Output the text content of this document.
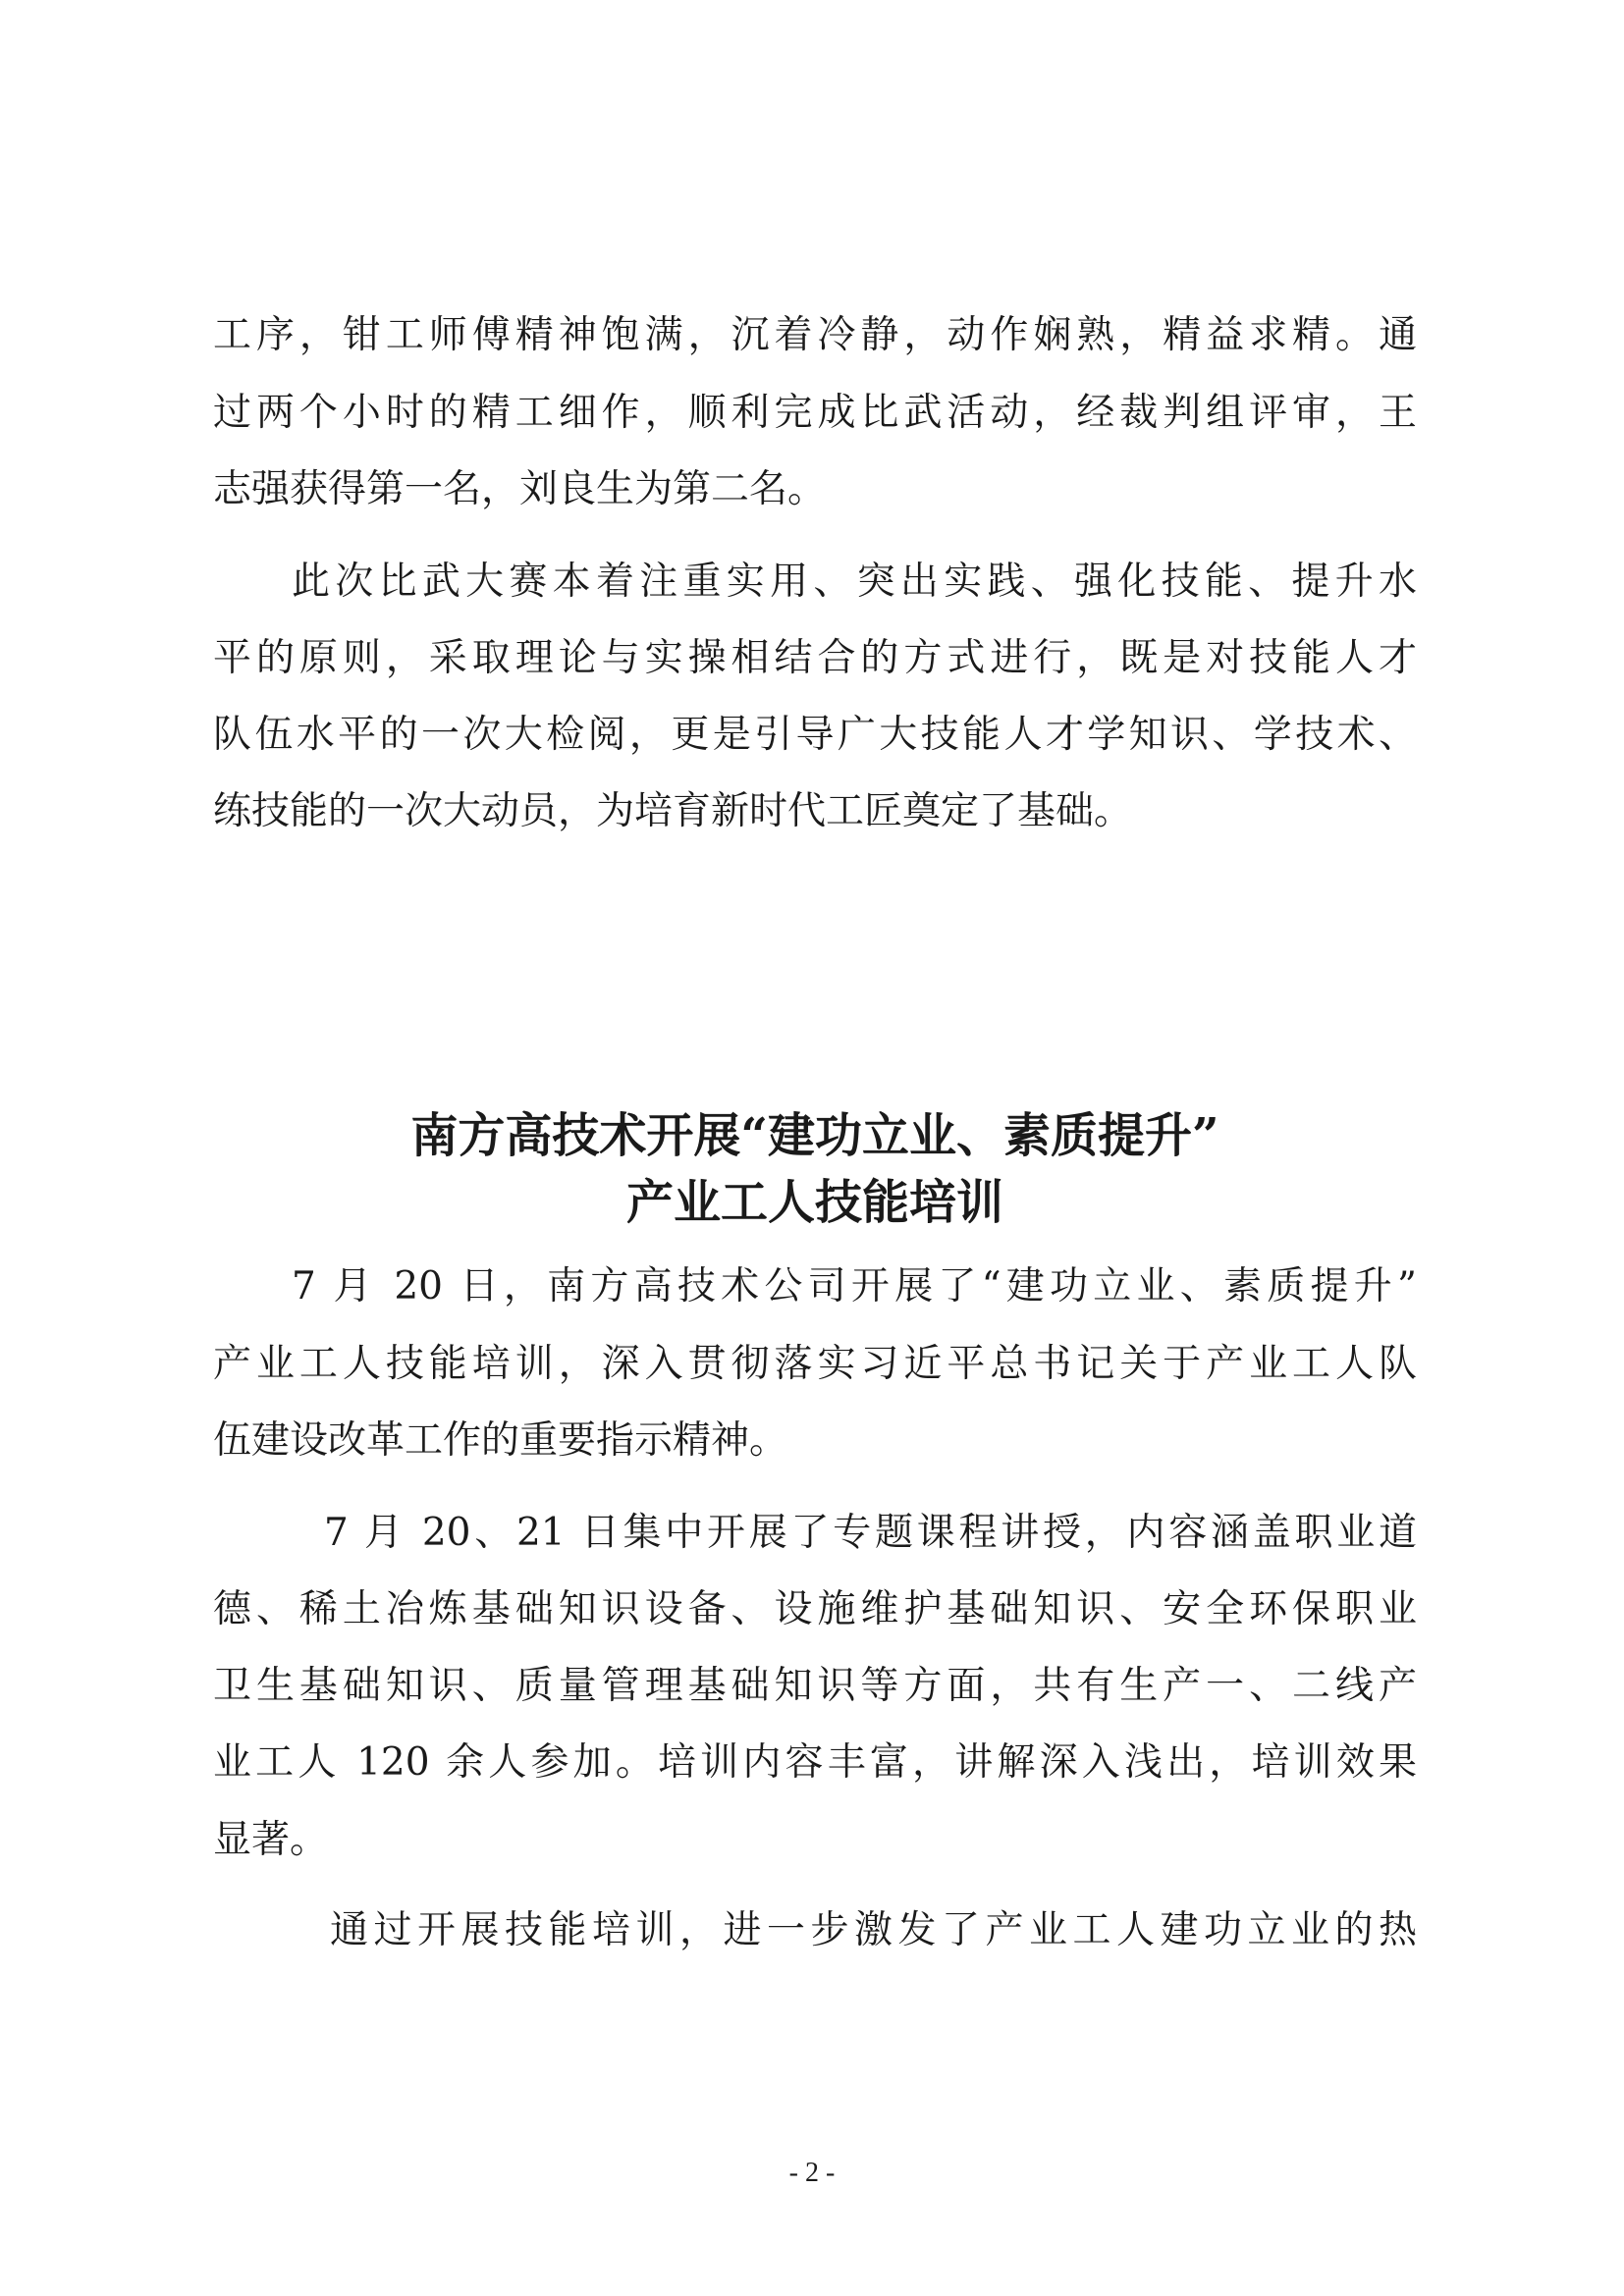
工序，钳工师傅精神饱满，沉着冷静，动作娴熟，精益求精。通
过两个小时的精工细作，顺利完成比武活动，经裁判组评审，王
志强获得第一名，刘良生为第二名。
此次比武大赛本着注重实用、突出实践、强化技能、提升水
平的原则，采取理论与实操相结合的方式进行，既是对技能人才
队伍水平的一次大检阅，更是引导广大技能人才学知识、学技术、
练技能的一次大动员，为培育新时代工匠奠定了基础。
南方高技术开展“建功立业、素质提升”
产业工人技能培训
7 月 20 日，南方高技术公司开展了“建功立业、素质提升”
产业工人技能培训，深入贯彻落实习近平总书记关于产业工人队
伍建设改革工作的重要指示精神。
7 月 20、21 日集中开展了专题课程讲授，内容涵盖职业道
德、稀土冶炼基础知识设备、设施维护基础知识、安全环保职业
卫生基础知识、质量管理基础知识等方面，共有生产一、二线产
业工人 120 余人参加。培训内容丰富，讲解深入浅出，培训效果
显著。
通过开展技能培训，进一步激发了产业工人建功立业的热
- 2 -
